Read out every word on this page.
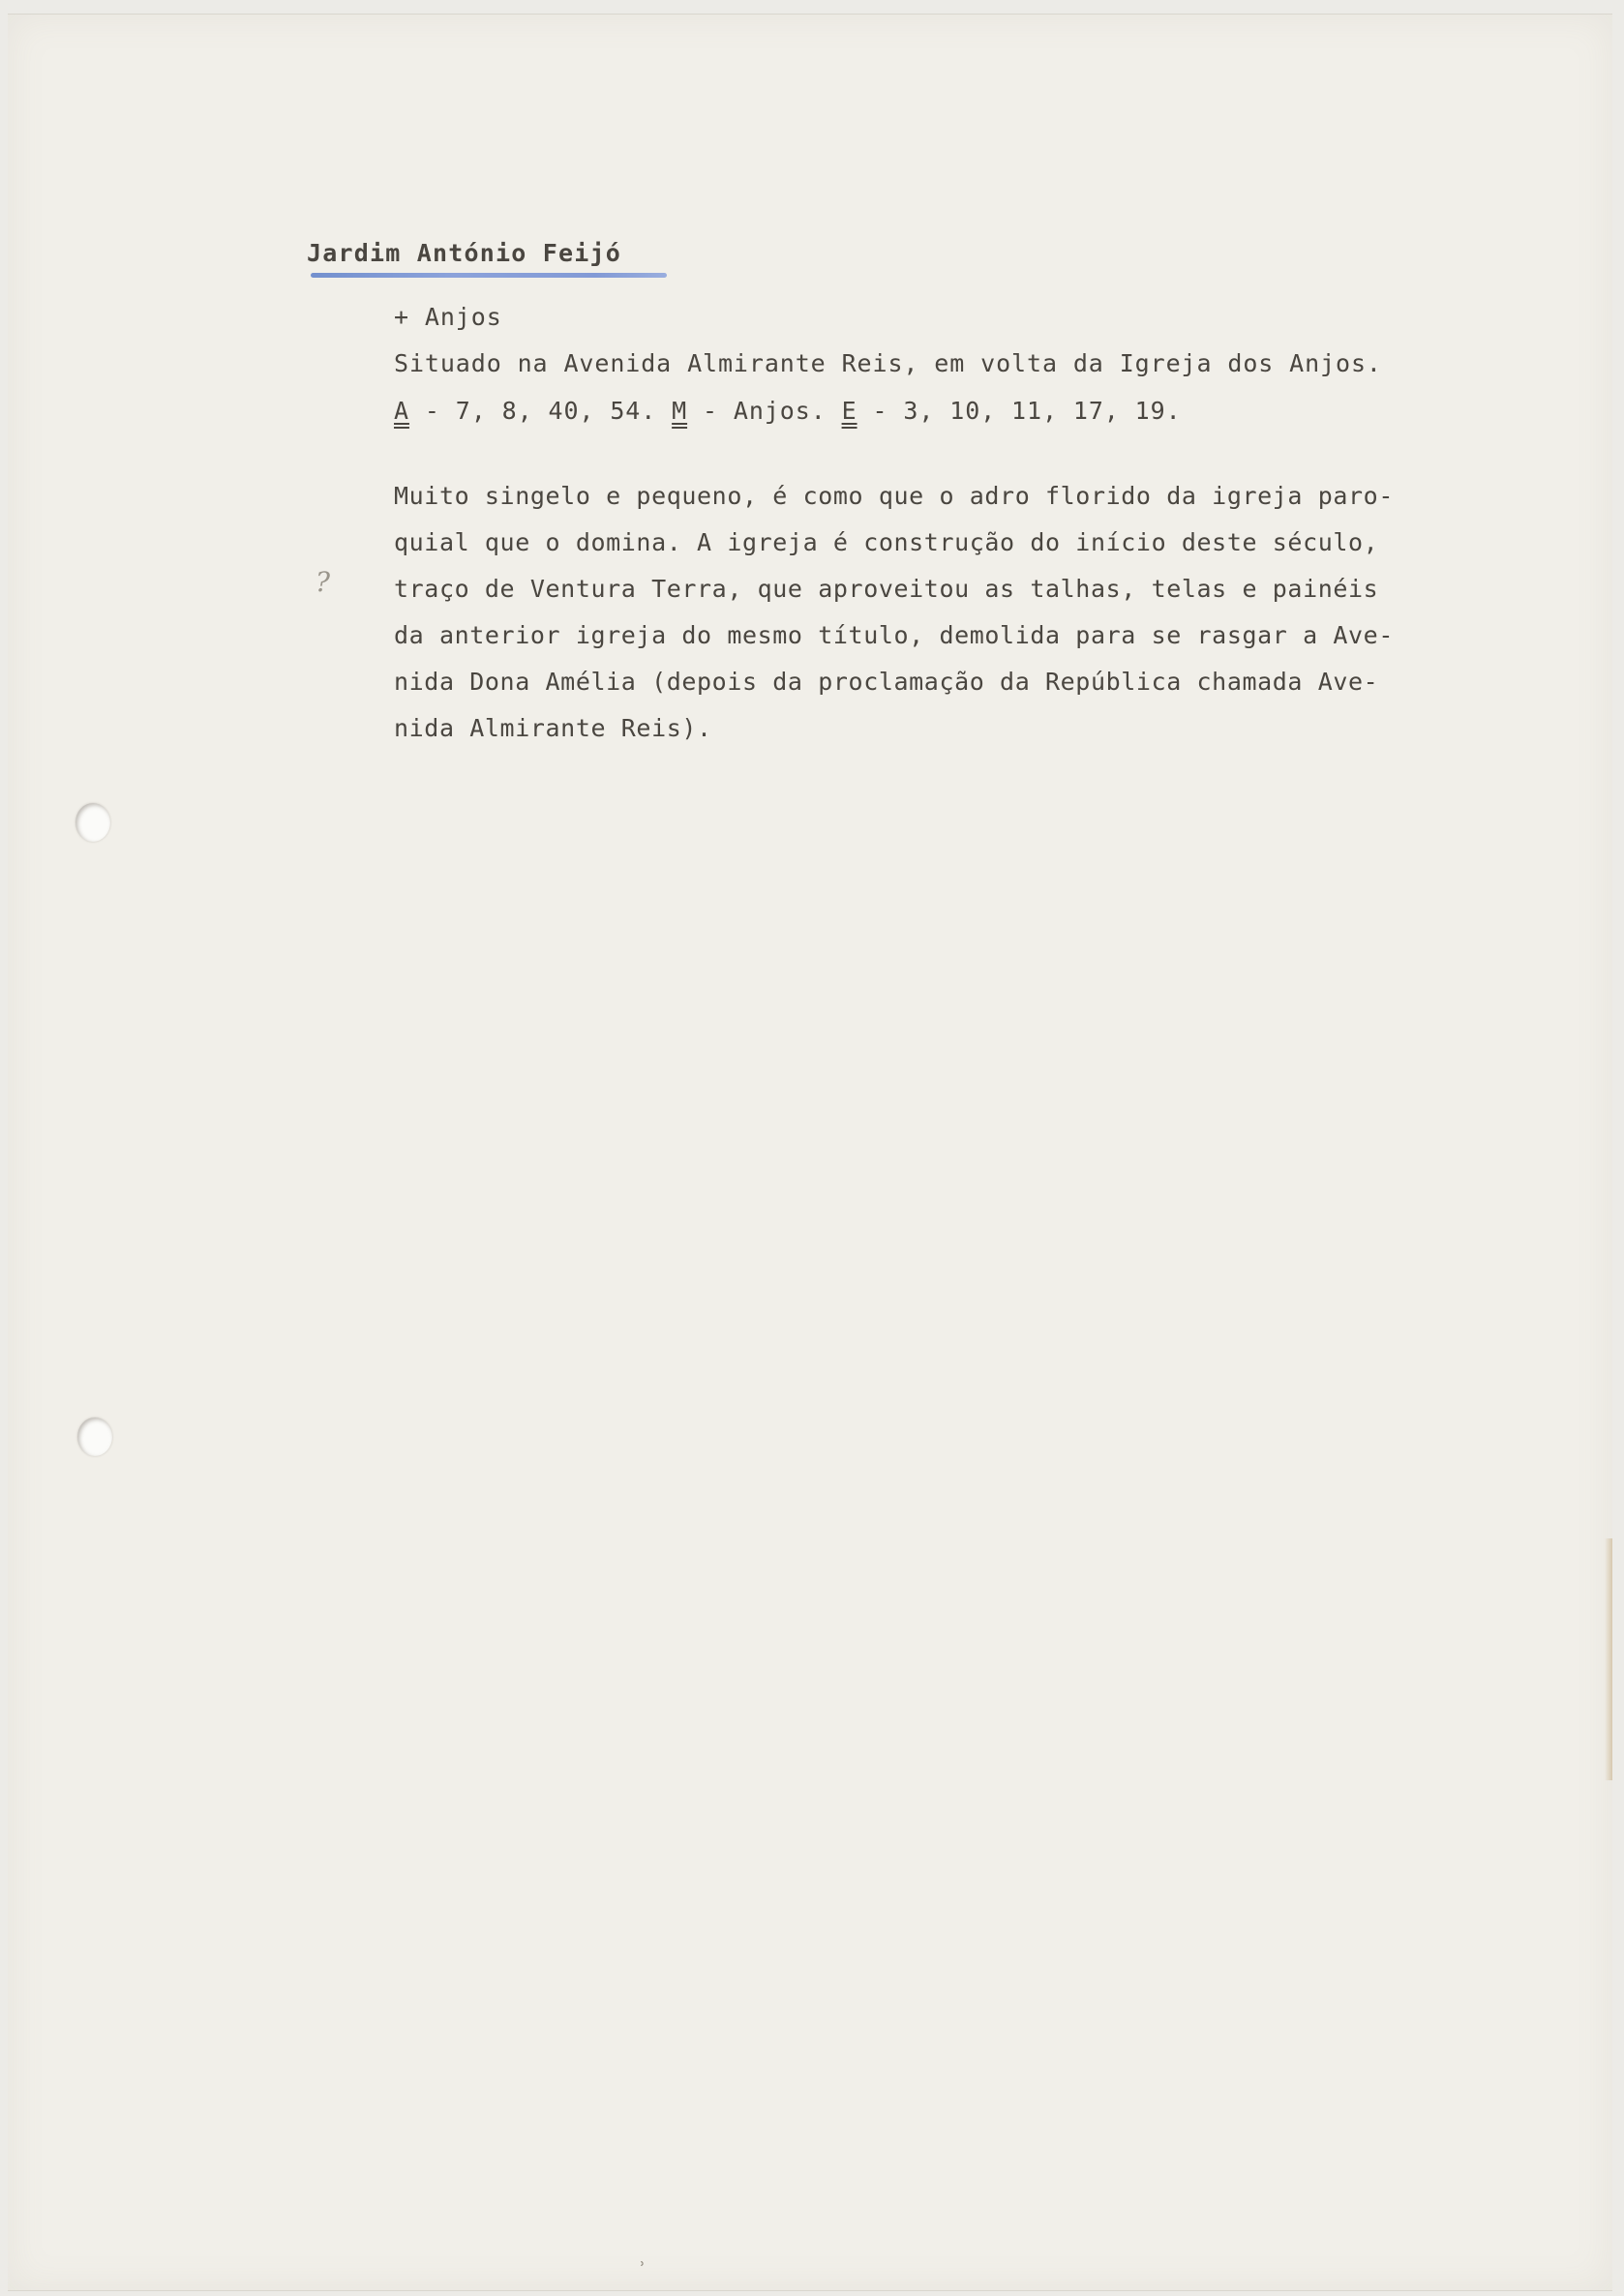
Jardim António Feijó
+ Anjos
Situado na Avenida Almirante Reis, em volta da Igreja dos Anjos.
A - 7, 8, 40, 54. M - Anjos. E - 3, 10, 11, 17, 19.
Muito singelo e pequeno, é como que o adro florido da igreja paro-
quial que o domina. A igreja é construção do início deste século,
traço de Ventura Terra, que aproveitou as talhas, telas e painéis
da anterior igreja do mesmo título, demolida para se rasgar a Ave-
nida Dona Amélia (depois da proclamação da República chamada Ave-
nida Almirante Reis).
?
ʾ
